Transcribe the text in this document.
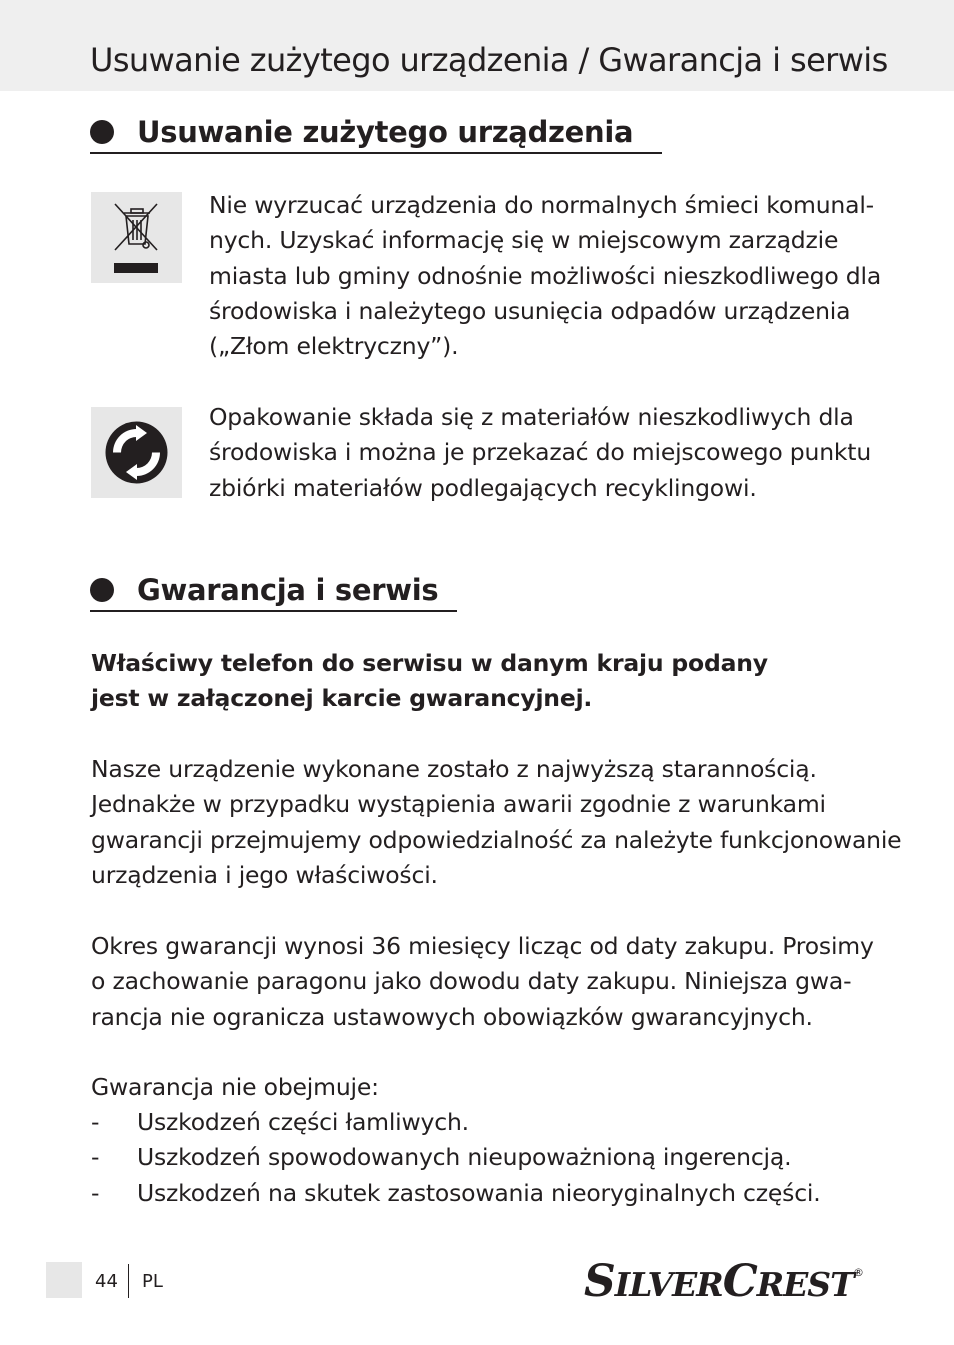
Usuwanie zużytego urządzenia / Gwarancja i serwis
Usuwanie zużytego urządzenia

Nie wyrzucać urządzenia do normalnych śmieci komunal-
nych. Uzyskać informację się w miejscowym zarządzie
miasta lub gminy odnośnie możliwości nieszkodliwego dla
środowiska i należytego usunięcia odpadów urządzenia
(„Złom elektryczny”).

Opakowanie składa się z materiałów nieszkodliwych dla
środowiska i można je przekazać do miejscowego punktu
zbiórki materiałów podlegających recyklingowi.

Gwarancja i serwis

Właściwy telefon do serwisu w danym kraju podany
jest w załączonej karcie gwarancyjnej.

Nasze urządzenie wykonane zostało z najwyższą starannością.
Jednakże w przypadku wystąpienia awarii zgodnie z warunkami
gwarancji przejmujemy odpowiedzialność za należyte funkcjonowanie
urządzenia i jego właściwości.

Okres gwarancji wynosi 36 miesięcy licząc od daty zakupu. Prosimy
o zachowanie paragonu jako dowodu daty zakupu. Niniejsza gwa-
rancja nie ogranicza ustawowych obowiązków gwarancyjnych.

Gwarancja nie obejmuje:

- Uszkodzeń części łamliwych.
- Uszkodzeń spowodowanych nieupoważnioną ingerencją.
- Uszkodzeń na skutek zastosowania nieoryginalnych części.
44 PL	SILVERCREST ®
